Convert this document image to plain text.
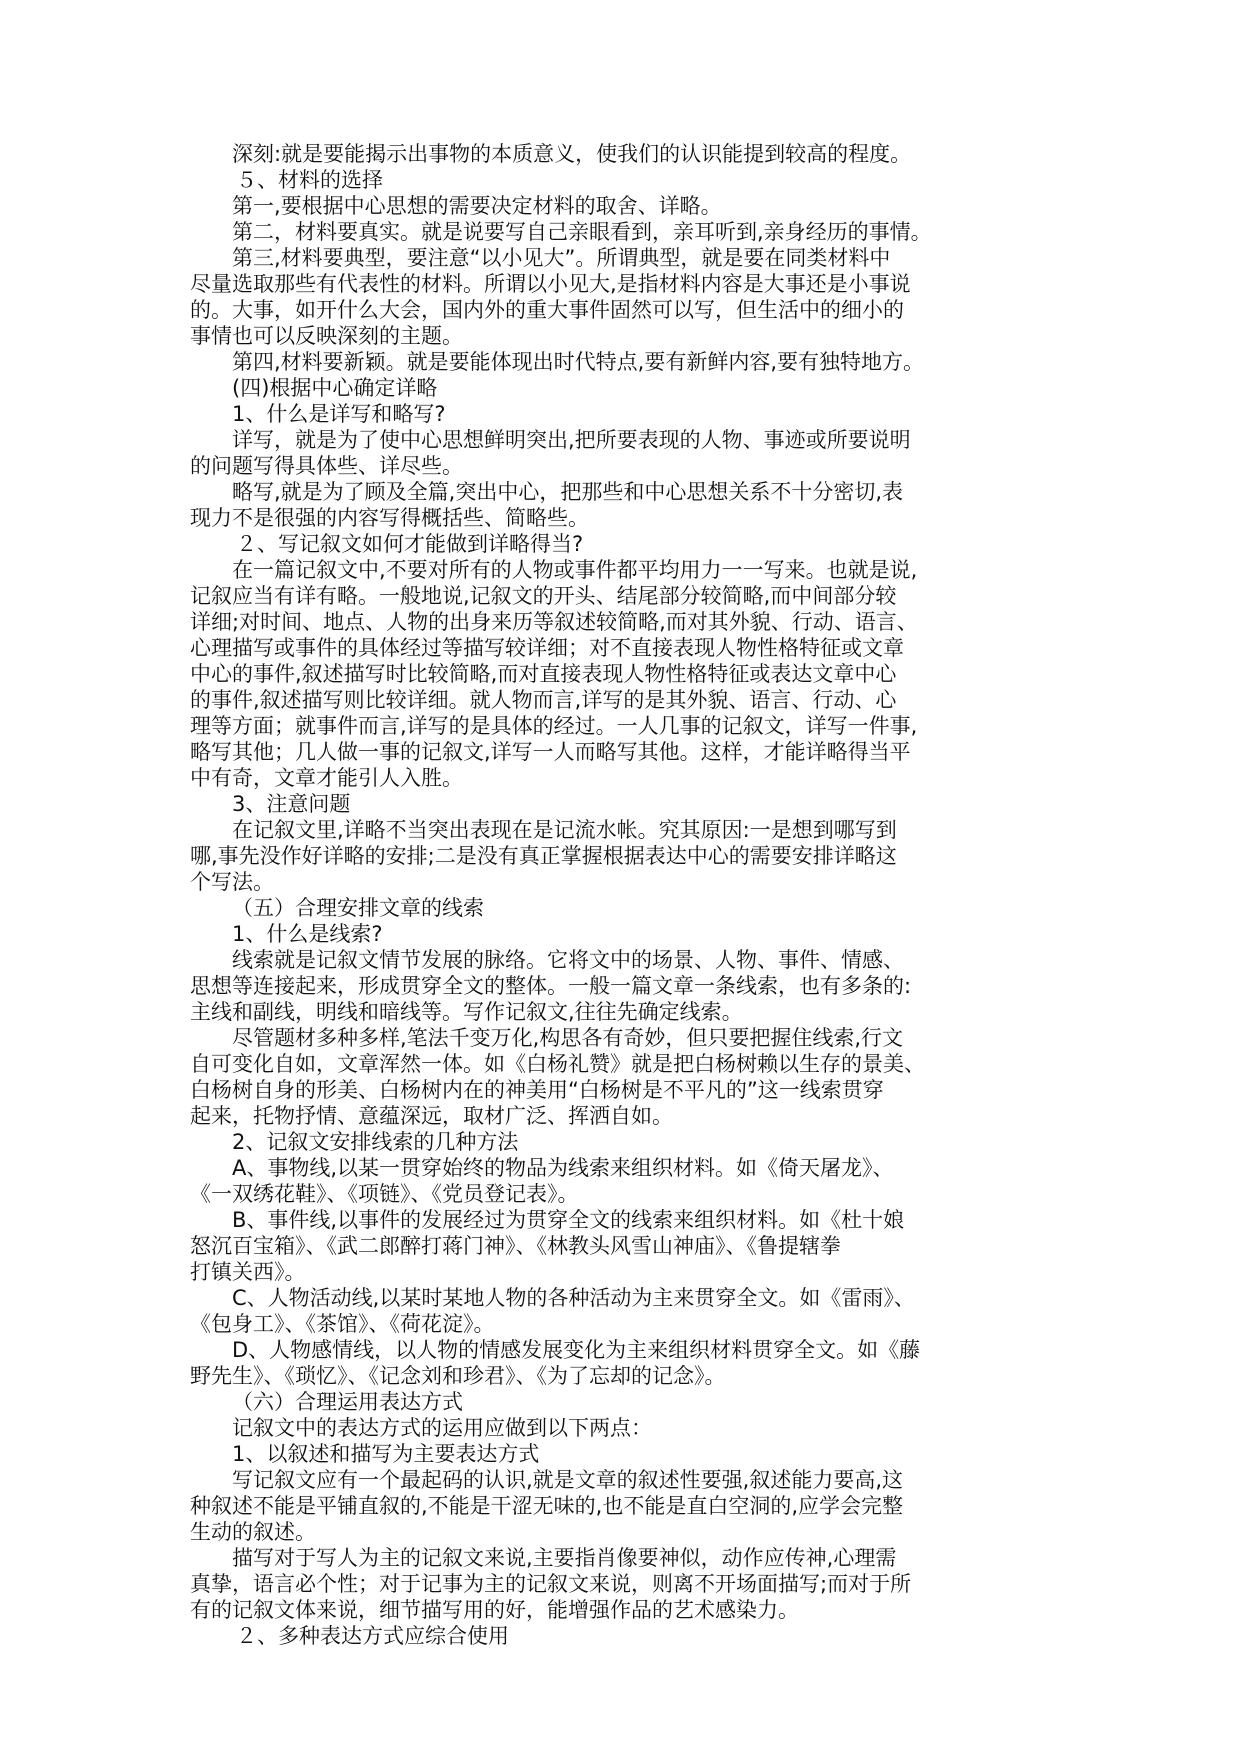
深刻:就是要能揭示出事物的本质意义，使我们的认识能提到较高的程度。
５、材料的选择
第一,要根据中心思想的需要决定材料的取舍、详略。
第二，材料要真实。就是说要写自己亲眼看到，亲耳听到,亲身经历的事情。
第三,材料要典型，要注意“以小见大”。所谓典型，就是要在同类材料中
尽量选取那些有代表性的材料。所谓以小见大,是指材料内容是大事还是小事说
的。大事，如开什么大会，国内外的重大事件固然可以写，但生活中的细小的
事情也可以反映深刻的主题。
第四,材料要新颖。就是要能体现出时代特点,要有新鲜内容,要有独特地方。
(四)根据中心确定详略
1、什么是详写和略写?
详写，就是为了使中心思想鲜明突出,把所要表现的人物、事迹或所要说明
的问题写得具体些、详尽些。
略写,就是为了顾及全篇,突出中心，把那些和中心思想关系不十分密切,表
现力不是很强的内容写得概括些、简略些。
２、写记叙文如何才能做到详略得当?
在一篇记叙文中,不要对所有的人物或事件都平均用力一一写来。也就是说,
记叙应当有详有略。一般地说,记叙文的开头、结尾部分较简略,而中间部分较
详细;对时间、地点、人物的出身来历等叙述较简略,而对其外貌、行动、语言、
心理描写或事件的具体经过等描写较详细；对不直接表现人物性格特征或文章
中心的事件,叙述描写时比较简略,而对直接表现人物性格特征或表达文章中心
的事件,叙述描写则比较详细。就人物而言,详写的是其外貌、语言、行动、心
理等方面；就事件而言,详写的是具体的经过。一人几事的记叙文，详写一件事,
略写其他；几人做一事的记叙文,详写一人而略写其他。这样，才能详略得当平
中有奇，文章才能引人入胜。
3、注意问题
在记叙文里,详略不当突出表现在是记流水帐。究其原因:一是想到哪写到
哪,事先没作好详略的安排;二是没有真正掌握根据表达中心的需要安排详略这
个写法。
（五）合理安排文章的线索
1、什么是线索?
线索就是记叙文情节发展的脉络。它将文中的场景、人物、事件、情感、
思想等连接起来，形成贯穿全文的整体。一般一篇文章一条线索，也有多条的:
主线和副线，明线和暗线等。写作记叙文,往往先确定线索。
尽管题材多种多样,笔法千变万化,构思各有奇妙，但只要把握住线索,行文
自可变化自如，文章浑然一体。如《白杨礼赞》就是把白杨树赖以生存的景美、
白杨树自身的形美、白杨树内在的神美用“白杨树是不平凡的”这一线索贯穿
起来，托物抒情、意蕴深远，取材广泛、挥洒自如。
2、记叙文安排线索的几种方法
A、事物线,以某一贯穿始终的物品为线索来组织材料。如《倚天屠龙》、
《一双绣花鞋》、《项链》、《党员登记表》。
B、事件线,以事件的发展经过为贯穿全文的线索来组织材料。如《杜十娘
怒沉百宝箱》、《武二郎醉打蒋门神》、《林教头风雪山神庙》、《鲁提辖拳
打镇关西》。
C、人物活动线,以某时某地人物的各种活动为主来贯穿全文。如《雷雨》、
《包身工》、《茶馆》、《荷花淀》。
D、人物感情线，以人物的情感发展变化为主来组织材料贯穿全文。如《藤
野先生》、《琐忆》、《记念刘和珍君》、《为了忘却的记念》。
（六）合理运用表达方式
记叙文中的表达方式的运用应做到以下两点：
1、以叙述和描写为主要表达方式
写记叙文应有一个最起码的认识,就是文章的叙述性要强,叙述能力要高,这
种叙述不能是平铺直叙的,不能是干涩无味的,也不能是直白空洞的,应学会完整
生动的叙述。
描写对于写人为主的记叙文来说,主要指肖像要神似，动作应传神,心理需
真挚，语言必个性；对于记事为主的记叙文来说，则离不开场面描写;而对于所
有的记叙文体来说，细节描写用的好，能增强作品的艺术感染力。
２、多种表达方式应综合使用
